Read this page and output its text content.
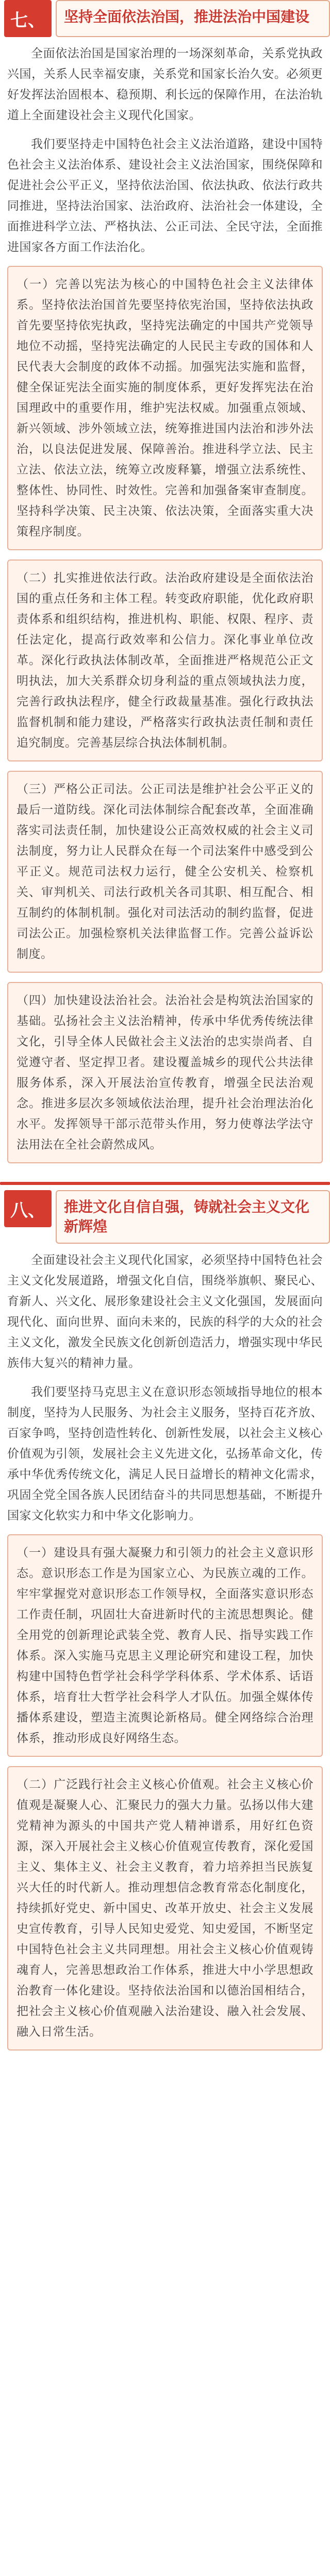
七、	坚持全面依法治国，推进法治中国建设

全面依法治国是国家治理的一场深刻革命，关系党执政兴国，关系人民幸福安康，关系党和国家长治久安。必须更好发挥法治固根本、稳预期、利长远的保障作用，在法治轨道上全面建设社会主义现代化国家。

我们要坚持走中国特色社会主义法治道路，建设中国特色社会主义法治体系、建设社会主义法治国家，围绕保障和促进社会公平正义，坚持依法治国、依法执政、依法行政共同推进，坚持法治国家、法治政府、法治社会一体建设，全面推进科学立法、严格执法、公正司法、全民守法，全面推进国家各方面工作法治化。

（一）完善以宪法为核心的中国特色社会主义法律体系。坚持依法治国首先要坚持依宪治国，坚持依法执政首先要坚持依宪执政，坚持宪法确定的中国共产党领导地位不动摇，坚持宪法确定的人民民主专政的国体和人民代表大会制度的政体不动摇。加强宪法实施和监督，健全保证宪法全面实施的制度体系，更好发挥宪法在治国理政中的重要作用，维护宪法权威。加强重点领域、新兴领域、涉外领域立法，统筹推进国内法治和涉外法治，以良法促进发展、保障善治。推进科学立法、民主立法、依法立法，统筹立改废释纂，增强立法系统性、整体性、协同性、时效性。完善和加强备案审查制度。坚持科学决策、民主决策、依法决策，全面落实重大决策程序制度。

（二）扎实推进依法行政。法治政府建设是全面依法治国的重点任务和主体工程。转变政府职能，优化政府职责体系和组织结构，推进机构、职能、权限、程序、责任法定化，提高行政效率和公信力。深化事业单位改革。深化行政执法体制改革，全面推进严格规范公正文明执法，加大关系群众切身利益的重点领域执法力度，完善行政执法程序，健全行政裁量基准。强化行政执法监督机制和能力建设，严格落实行政执法责任制和责任追究制度。完善基层综合执法体制机制。

（三）严格公正司法。公正司法是维护社会公平正义的最后一道防线。深化司法体制综合配套改革，全面准确落实司法责任制，加快建设公正高效权威的社会主义司法制度，努力让人民群众在每一个司法案件中感受到公平正义。规范司法权力运行，健全公安机关、检察机关、审判机关、司法行政机关各司其职、相互配合、相互制约的体制机制。强化对司法活动的制约监督，促进司法公正。加强检察机关法律监督工作。完善公益诉讼制度。

（四）加快建设法治社会。法治社会是构筑法治国家的基础。弘扬社会主义法治精神，传承中华优秀传统法律文化，引导全体人民做社会主义法治的忠实崇尚者、自觉遵守者、坚定捍卫者。建设覆盖城乡的现代公共法律服务体系，深入开展法治宣传教育，增强全民法治观念。推进多层次多领域依法治理，提升社会治理法治化水平。发挥领导干部示范带头作用，努力使尊法学法守法用法在全社会蔚然成风。

八、	推进文化自信自强，铸就社会主义文化新辉煌

全面建设社会主义现代化国家，必须坚持中国特色社会主义文化发展道路，增强文化自信，围绕举旗帜、聚民心、育新人、兴文化、展形象建设社会主义文化强国，发展面向现代化、面向世界、面向未来的，民族的科学的大众的社会主义文化，激发全民族文化创新创造活力，增强实现中华民族伟大复兴的精神力量。

我们要坚持马克思主义在意识形态领域指导地位的根本制度，坚持为人民服务、为社会主义服务，坚持百花齐放、百家争鸣，坚持创造性转化、创新性发展，以社会主义核心价值观为引领，发展社会主义先进文化，弘扬革命文化，传承中华优秀传统文化，满足人民日益增长的精神文化需求，巩固全党全国各族人民团结奋斗的共同思想基础，不断提升国家文化软实力和中华文化影响力。

（一）建设具有强大凝聚力和引领力的社会主义意识形态。意识形态工作是为国家立心、为民族立魂的工作。牢牢掌握党对意识形态工作领导权，全面落实意识形态工作责任制，巩固壮大奋进新时代的主流思想舆论。健全用党的创新理论武装全党、教育人民、指导实践工作体系。深入实施马克思主义理论研究和建设工程，加快构建中国特色哲学社会科学学科体系、学术体系、话语体系，培育壮大哲学社会科学人才队伍。加强全媒体传播体系建设，塑造主流舆论新格局。健全网络综合治理体系，推动形成良好网络生态。

（二）广泛践行社会主义核心价值观。社会主义核心价值观是凝聚人心、汇聚民力的强大力量。弘扬以伟大建党精神为源头的中国共产党人精神谱系，用好红色资源，深入开展社会主义核心价值观宣传教育，深化爱国主义、集体主义、社会主义教育，着力培养担当民族复兴大任的时代新人。推动理想信念教育常态化制度化，持续抓好党史、新中国史、改革开放史、社会主义发展史宣传教育，引导人民知史爱党、知史爱国，不断坚定中国特色社会主义共同理想。用社会主义核心价值观铸魂育人，完善思想政治工作体系，推进大中小学思想政治教育一体化建设。坚持依法治国和以德治国相结合，把社会主义核心价值观融入法治建设、融入社会发展、融入日常生活。
